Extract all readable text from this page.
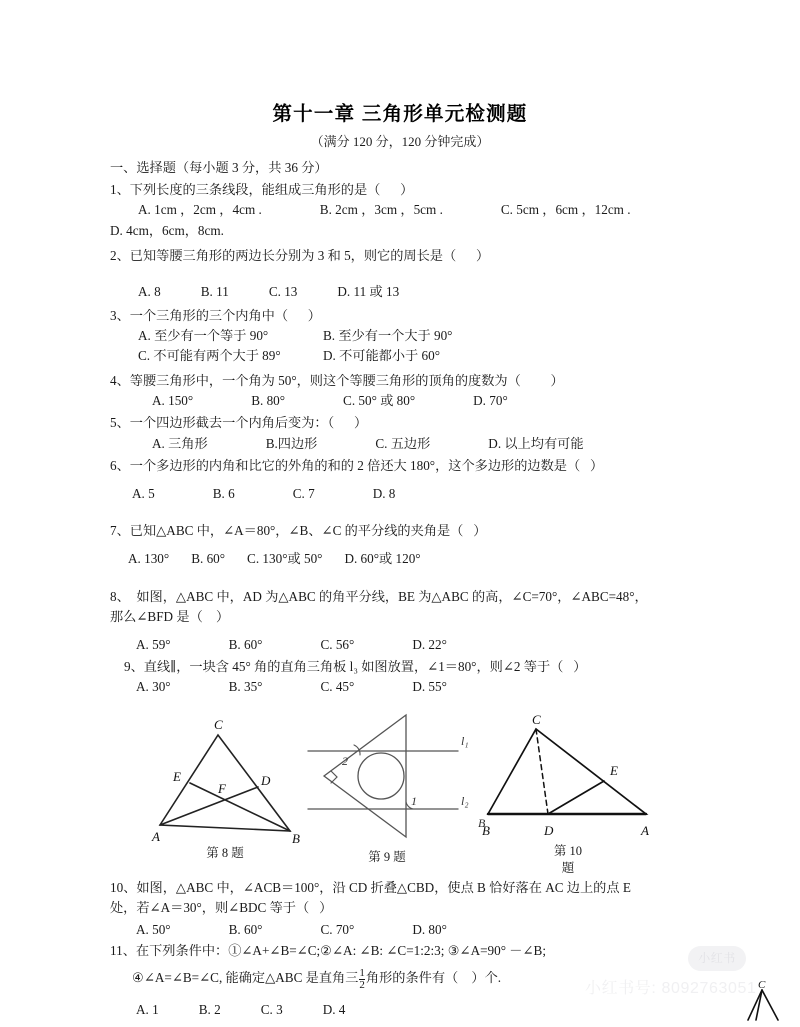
第十一章 三角形单元检测题

（满分 120 分，120 分钟完成）

一、选择题（每小题 3 分，共 36 分）

1、下列长度的三条线段，能组成三角形的是（      ）

A. 1cm ，2cm ，4cm .	B. 2cm ，3cm ，5cm .	C. 5cm ，6cm ，12cm .
D. 4cm，6cm，8cm.

2、已知等腰三角形的两边长分别为 3 和 5，则它的周长是（      ）

A. 8	B. 11	C. 13	D. 11 或 13

3、一个三角形的三个内角中（      ）

A. 至少有一个等于 90°	B. 至少有一个大于 90°
C. 不可能有两个大于 89°	D. 不可能都小于 60°

4、等腰三角形中，一个角为 50°，则这个等腰三角形的顶角的度数为（         ）

A. 150°	B. 80°	C. 50° 或 80°	D. 70°

5、一个四边形截去一个内角后变为：（      ）

A. 三角形	B.四边形	C. 五边形	D. 以上均有可能

6、一个多边形的内角和比它的外角的和的 2 倍还大 180°，这个多边形的边数是（   ）

A. 5	B. 6	C. 7	D. 8

7、已知△ABC 中，∠A＝80°，∠B、∠C 的平分线的夹角是（   ）

A. 130° B. 60° C. 130°或 50° D. 60°或 120°

8、  如图，△ABC 中，AD 为△ABC 的角平分线，BE 为△ABC 的高，∠C=70°，∠ABC=48°，

那么∠BFD 是（    ）

A. 59°	B. 60°	C. 56°	D. 22°

9、直线∥，一块含 45° 角的直角三角板 l₃ 如图放置，∠1＝80°，则∠2 等于（   ）

A. 30°	B. 35°	C. 45°	D. 55°
C
E
F
D
A	B
第 8 题
2
1
l₁
l₂
B
第 9 题
C
E
B	D	A
第 10
題

10、如图，△ABC 中，∠ACB＝100°，沿 CD 折叠△CBD，使点 B 恰好落在 AC 边上的点 E

处，若∠A＝30°，则∠BDC 等于（   ）

A. 50°	B. 60°	C. 70°	D. 80°

11、在下列条件中：①∠A+∠B=∠C;②∠A: ∠B: ∠C=1:2:3; ③∠A=90° －∠B;

④∠A=∠B=∠C, 能确定△ABC 是直角三 $\frac{1}{2}$ 角形的条件有（    ）个.

A. 1	B. 2	C. 3	D. 4
C
小红书
小红书号: 8092763051
